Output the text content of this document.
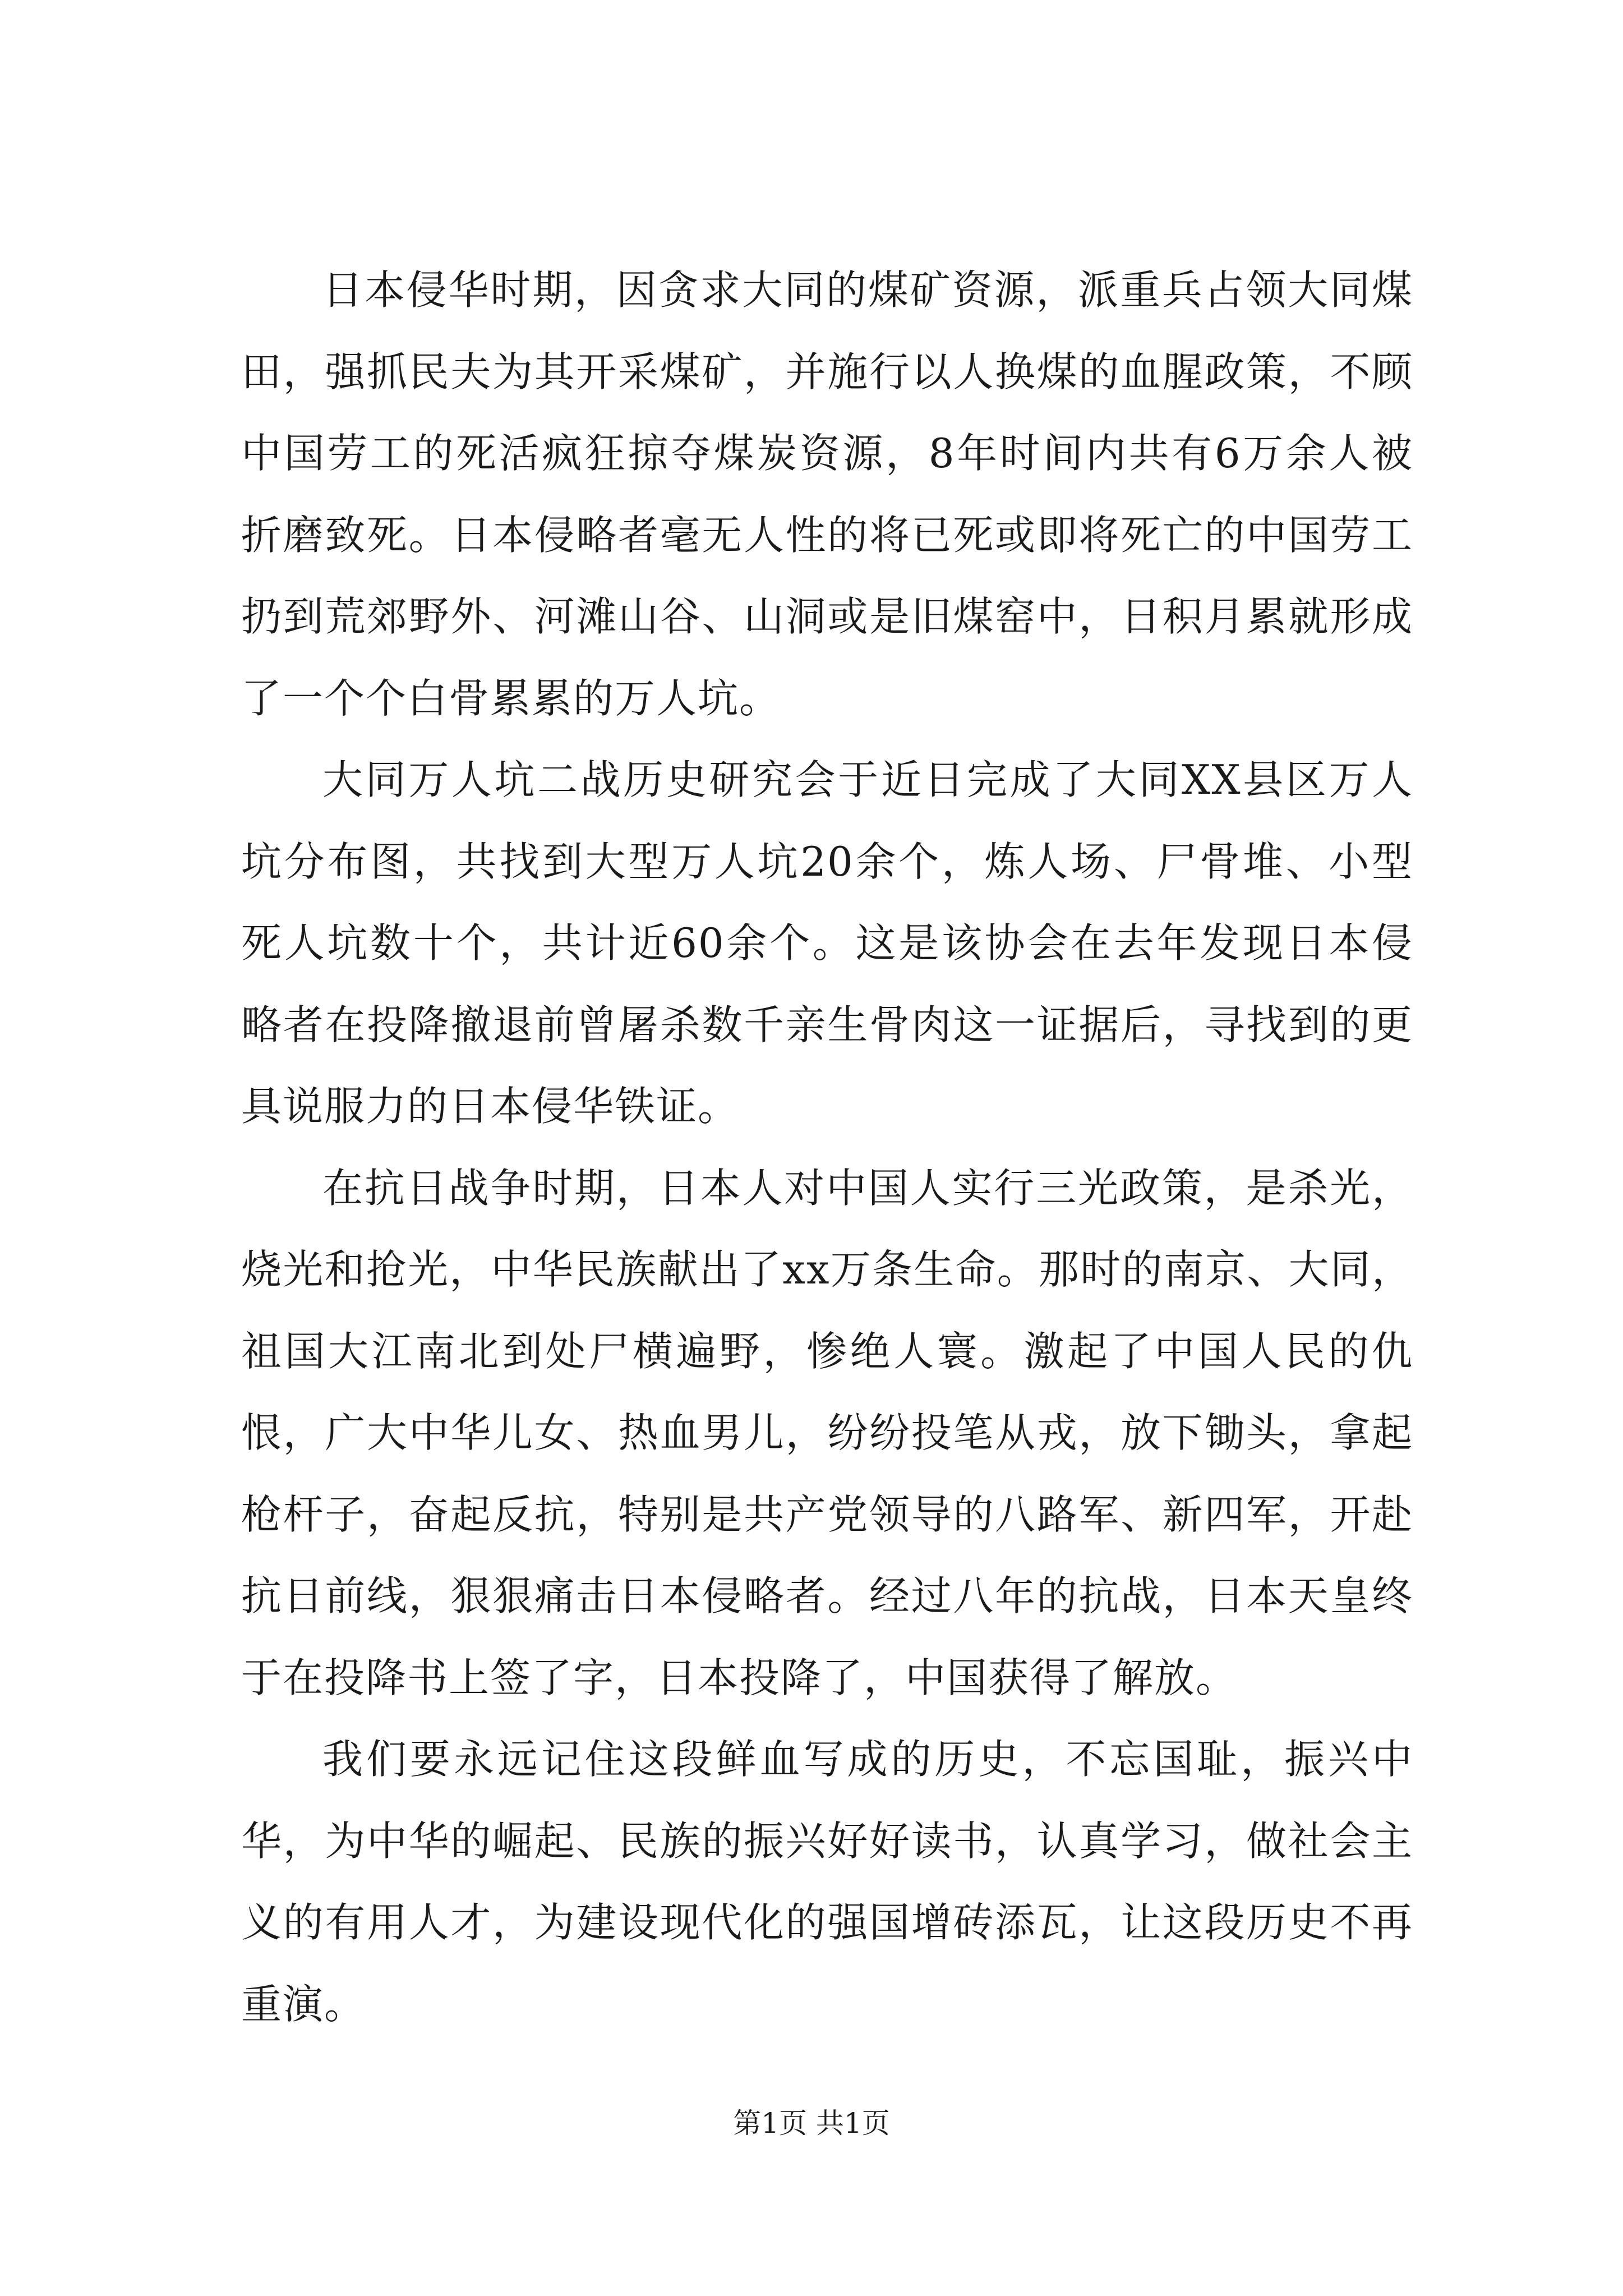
日本侵华时期，因贪求大同的煤矿资源，派重兵占领大同煤田，强抓民夫为其开采煤矿，并施行以人换煤的血腥政策，不顾中国劳工的死活疯狂掠夺煤炭资源，8年时间内共有6万余人被折磨致死。日本侵略者毫无人性的将已死或即将死亡的中国劳工扔到荒郊野外、河滩山谷、山洞或是旧煤窑中，日积月累就形成了一个个白骨累累的万人坑。

大同万人坑二战历史研究会于近日完成了大同XX县区万人坑分布图，共找到大型万人坑20余个，炼人场、尸骨堆、小型死人坑数十个，共计近60余个。这是该协会在去年发现日本侵略者在投降撤退前曾屠杀数千亲生骨肉这一证据后，寻找到的更具说服力的日本侵华铁证。

在抗日战争时期，日本人对中国人实行三光政策，是杀光，烧光和抢光，中华民族献出了xx万条生命。那时的南京、大同，祖国大江南北到处尸横遍野，惨绝人寰。激起了中国人民的仇恨，广大中华儿女、热血男儿，纷纷投笔从戎，放下锄头，拿起枪杆子，奋起反抗，特别是共产党领导的八路军、新四军，开赴抗日前线，狠狠痛击日本侵略者。经过八年的抗战，日本天皇终于在投降书上签了字，日本投降了，中国获得了解放。

我们要永远记住这段鲜血写成的历史，不忘国耻，振兴中华，为中华的崛起、民族的振兴好好读书，认真学习，做社会主义的有用人才，为建设现代化的强国增砖添瓦，让这段历史不再重演。

第1页 共1页
